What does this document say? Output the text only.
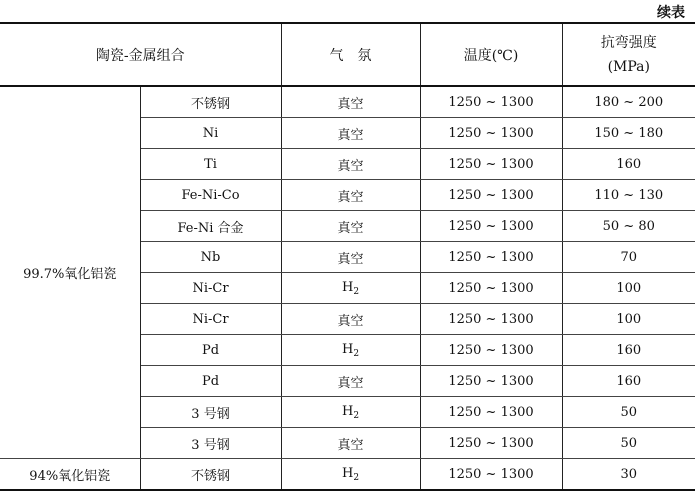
续表
陶瓷-金属组合		气　氛	温度(℃)	抗弯强度
(MPa)

99.7%氧化铝瓷	不锈钢	真空	1250 ~ 1300	180 ~ 200
	Ni	真空	1250 ~ 1300	150 ~ 180
	Ti	真空	1250 ~ 1300	160
	Fe-Ni-Co	真空	1250 ~ 1300	110 ~ 130
	Fe-Ni 合金	真空	1250 ~ 1300	50 ~ 80
	Nb	真空	1250 ~ 1300	70
	Ni-Cr	$H_2$	1250 ~ 1300	100
	Ni-Cr	真空	1250 ~ 1300	100
	Pd	$H_2$	1250 ~ 1300	160
	Pd	真空	1250 ~ 1300	160
	3 号钢	$H_2$	1250 ~ 1300	50
	3 号钢	真空	1250 ~ 1300	50
94%氧化铝瓷	不锈钢	$H_2$	1250 ~ 1300	30
